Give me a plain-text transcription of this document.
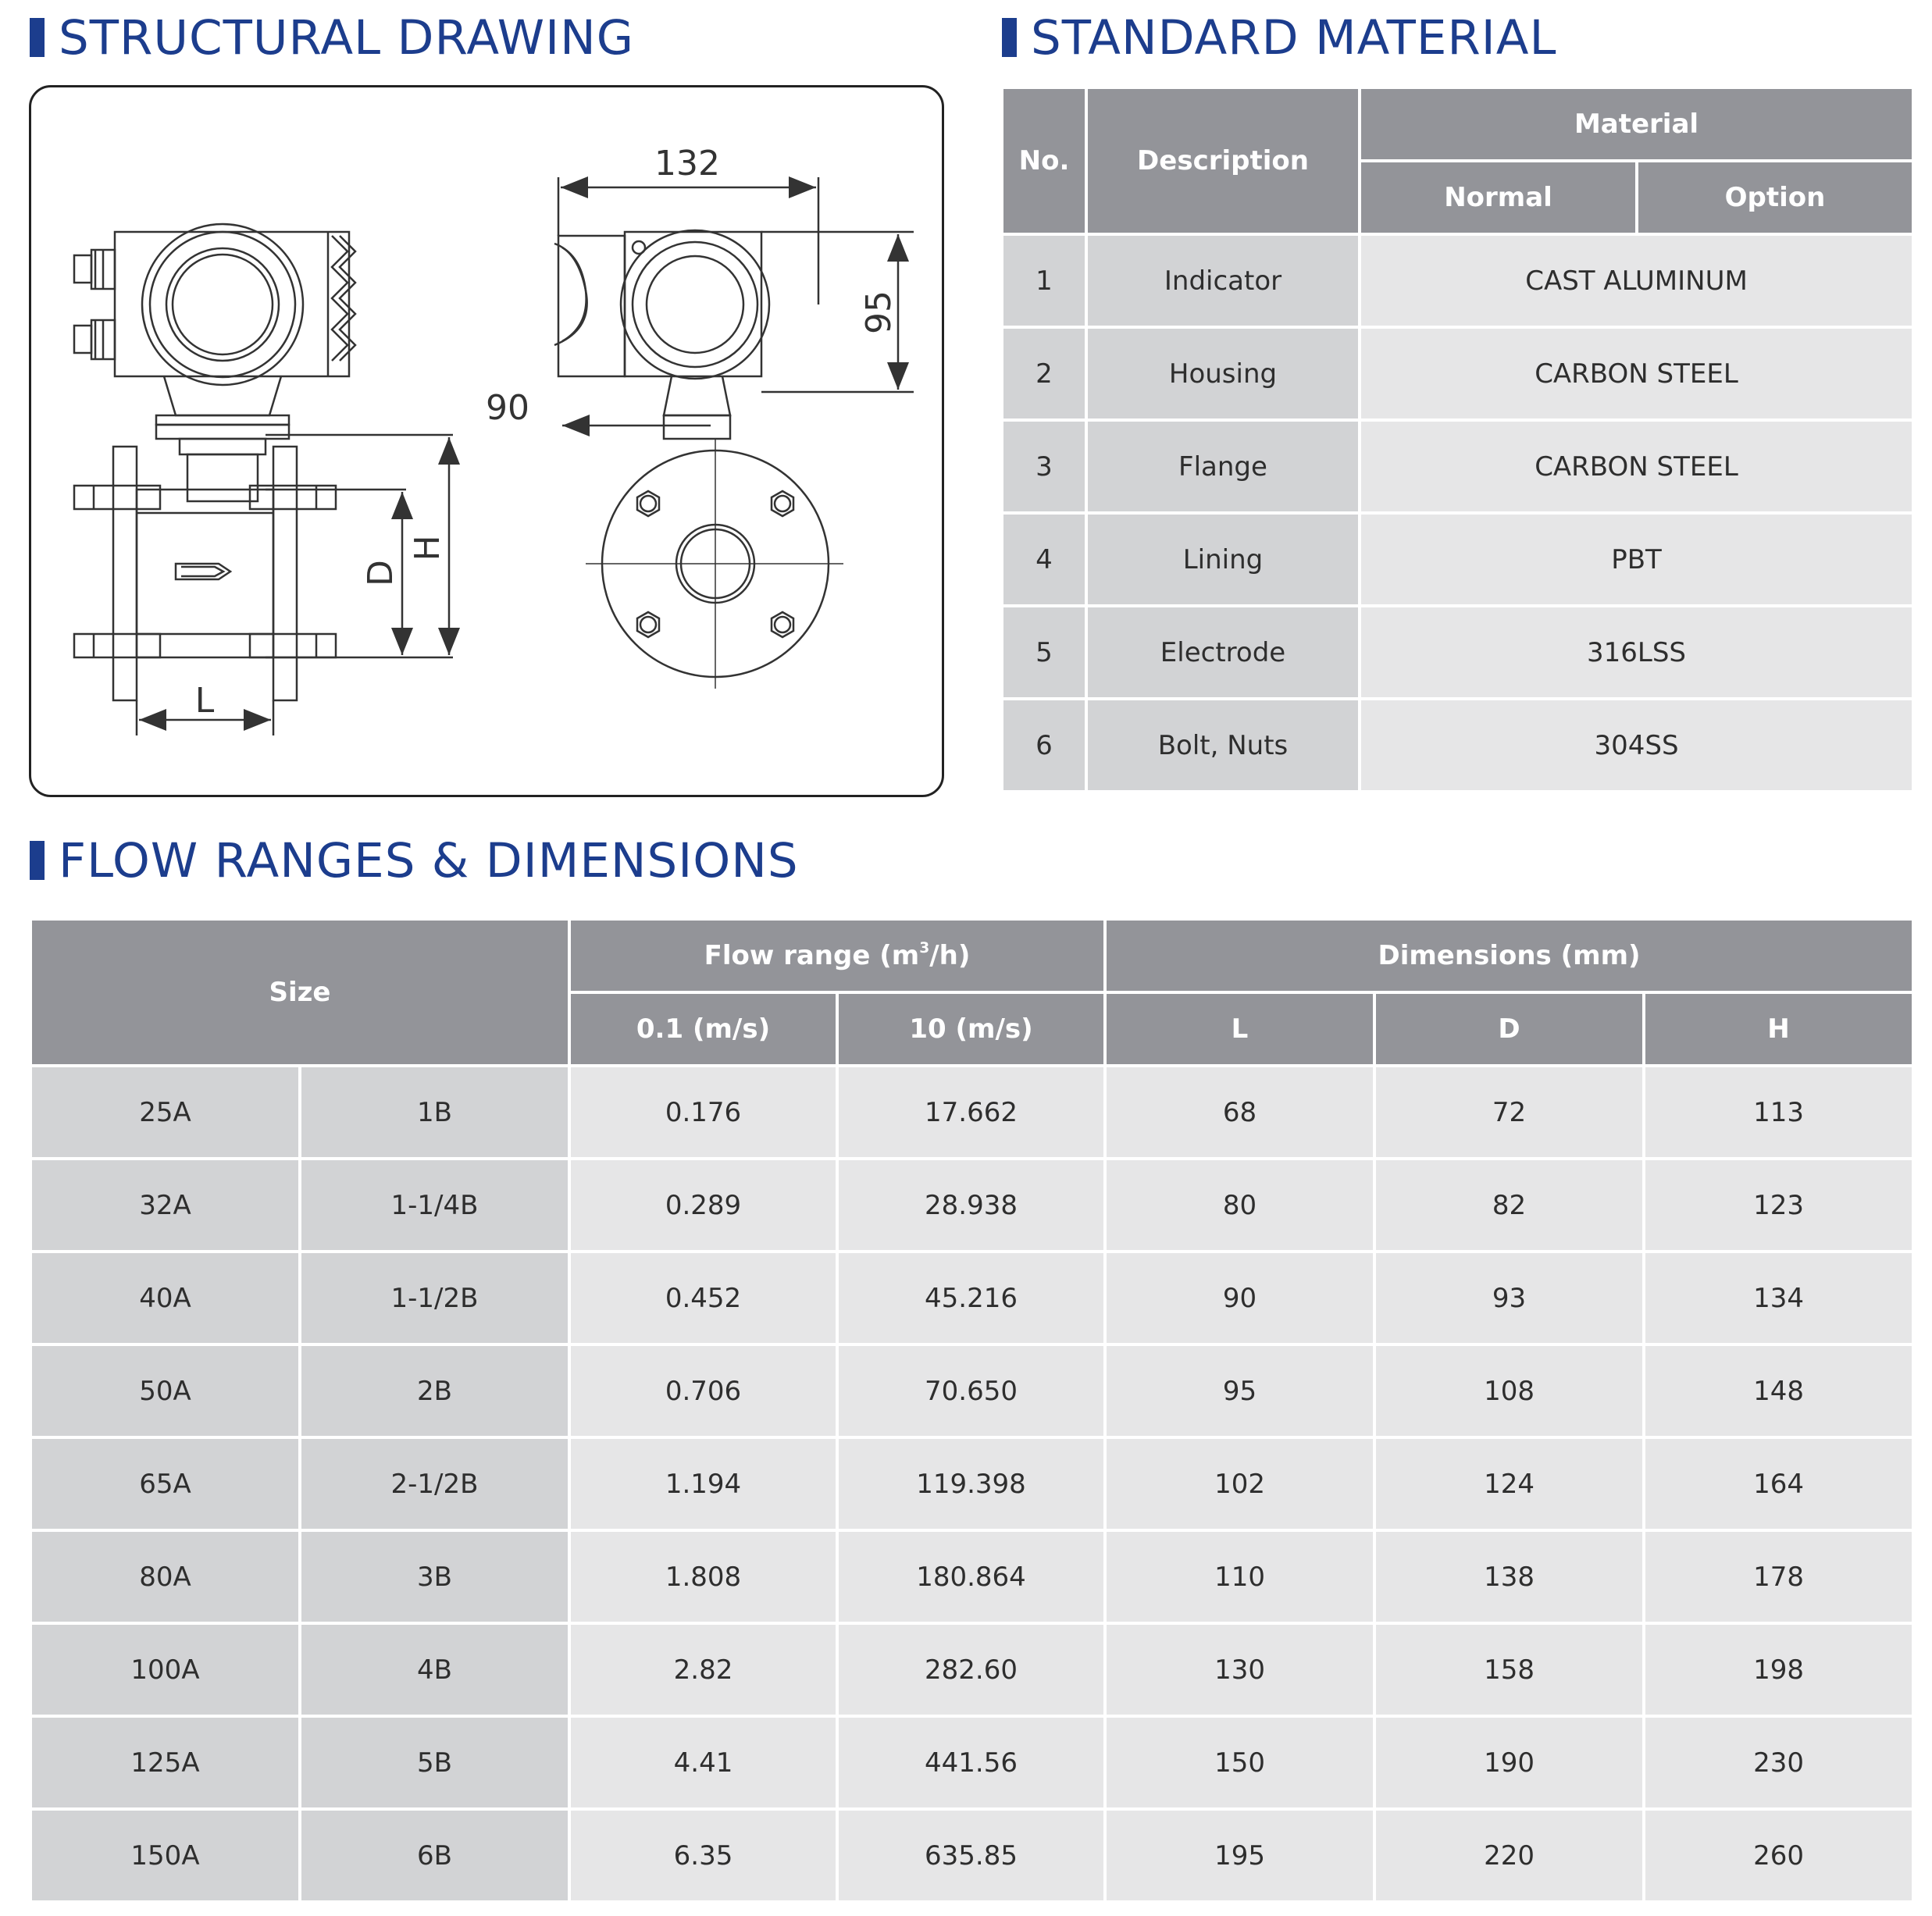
STRUCTURAL DRAWING	STANDARD MATERIAL
FLOW RANGES & DIMENSIONS
132
95
90
L
D
H
No.	Description	Material	
		Normal	Option
1	Indicator	CAST ALUMINUM	
2	Housing	CARBON STEEL	
3	Flange	CARBON STEEL	
4	Lining	PBT	
5	Electrode	316LSS	
6	Bolt, Nuts	304SS	
Size		Flow range $(m^3/h)$		Dimensions (mm)		
		0.1 (m/s)	10 (m/s)	L	D	H
25A	1B	0.176	17.662	68	72	113
32A	1-1/4B	0.289	28.938	80	82	123
40A	1-1/2B	0.452	45.216	90	93	134
50A	2B	0.706	70.650	95	108	148
65A	2-1/2B	1.194	119.398	102	124	164
80A	3B	1.808	180.864	110	138	178
100A	4B	2.82	282.60	130	158	198
125A	5B	4.41	441.56	150	190	230
150A	6B	6.35	635.85	195	220	260
